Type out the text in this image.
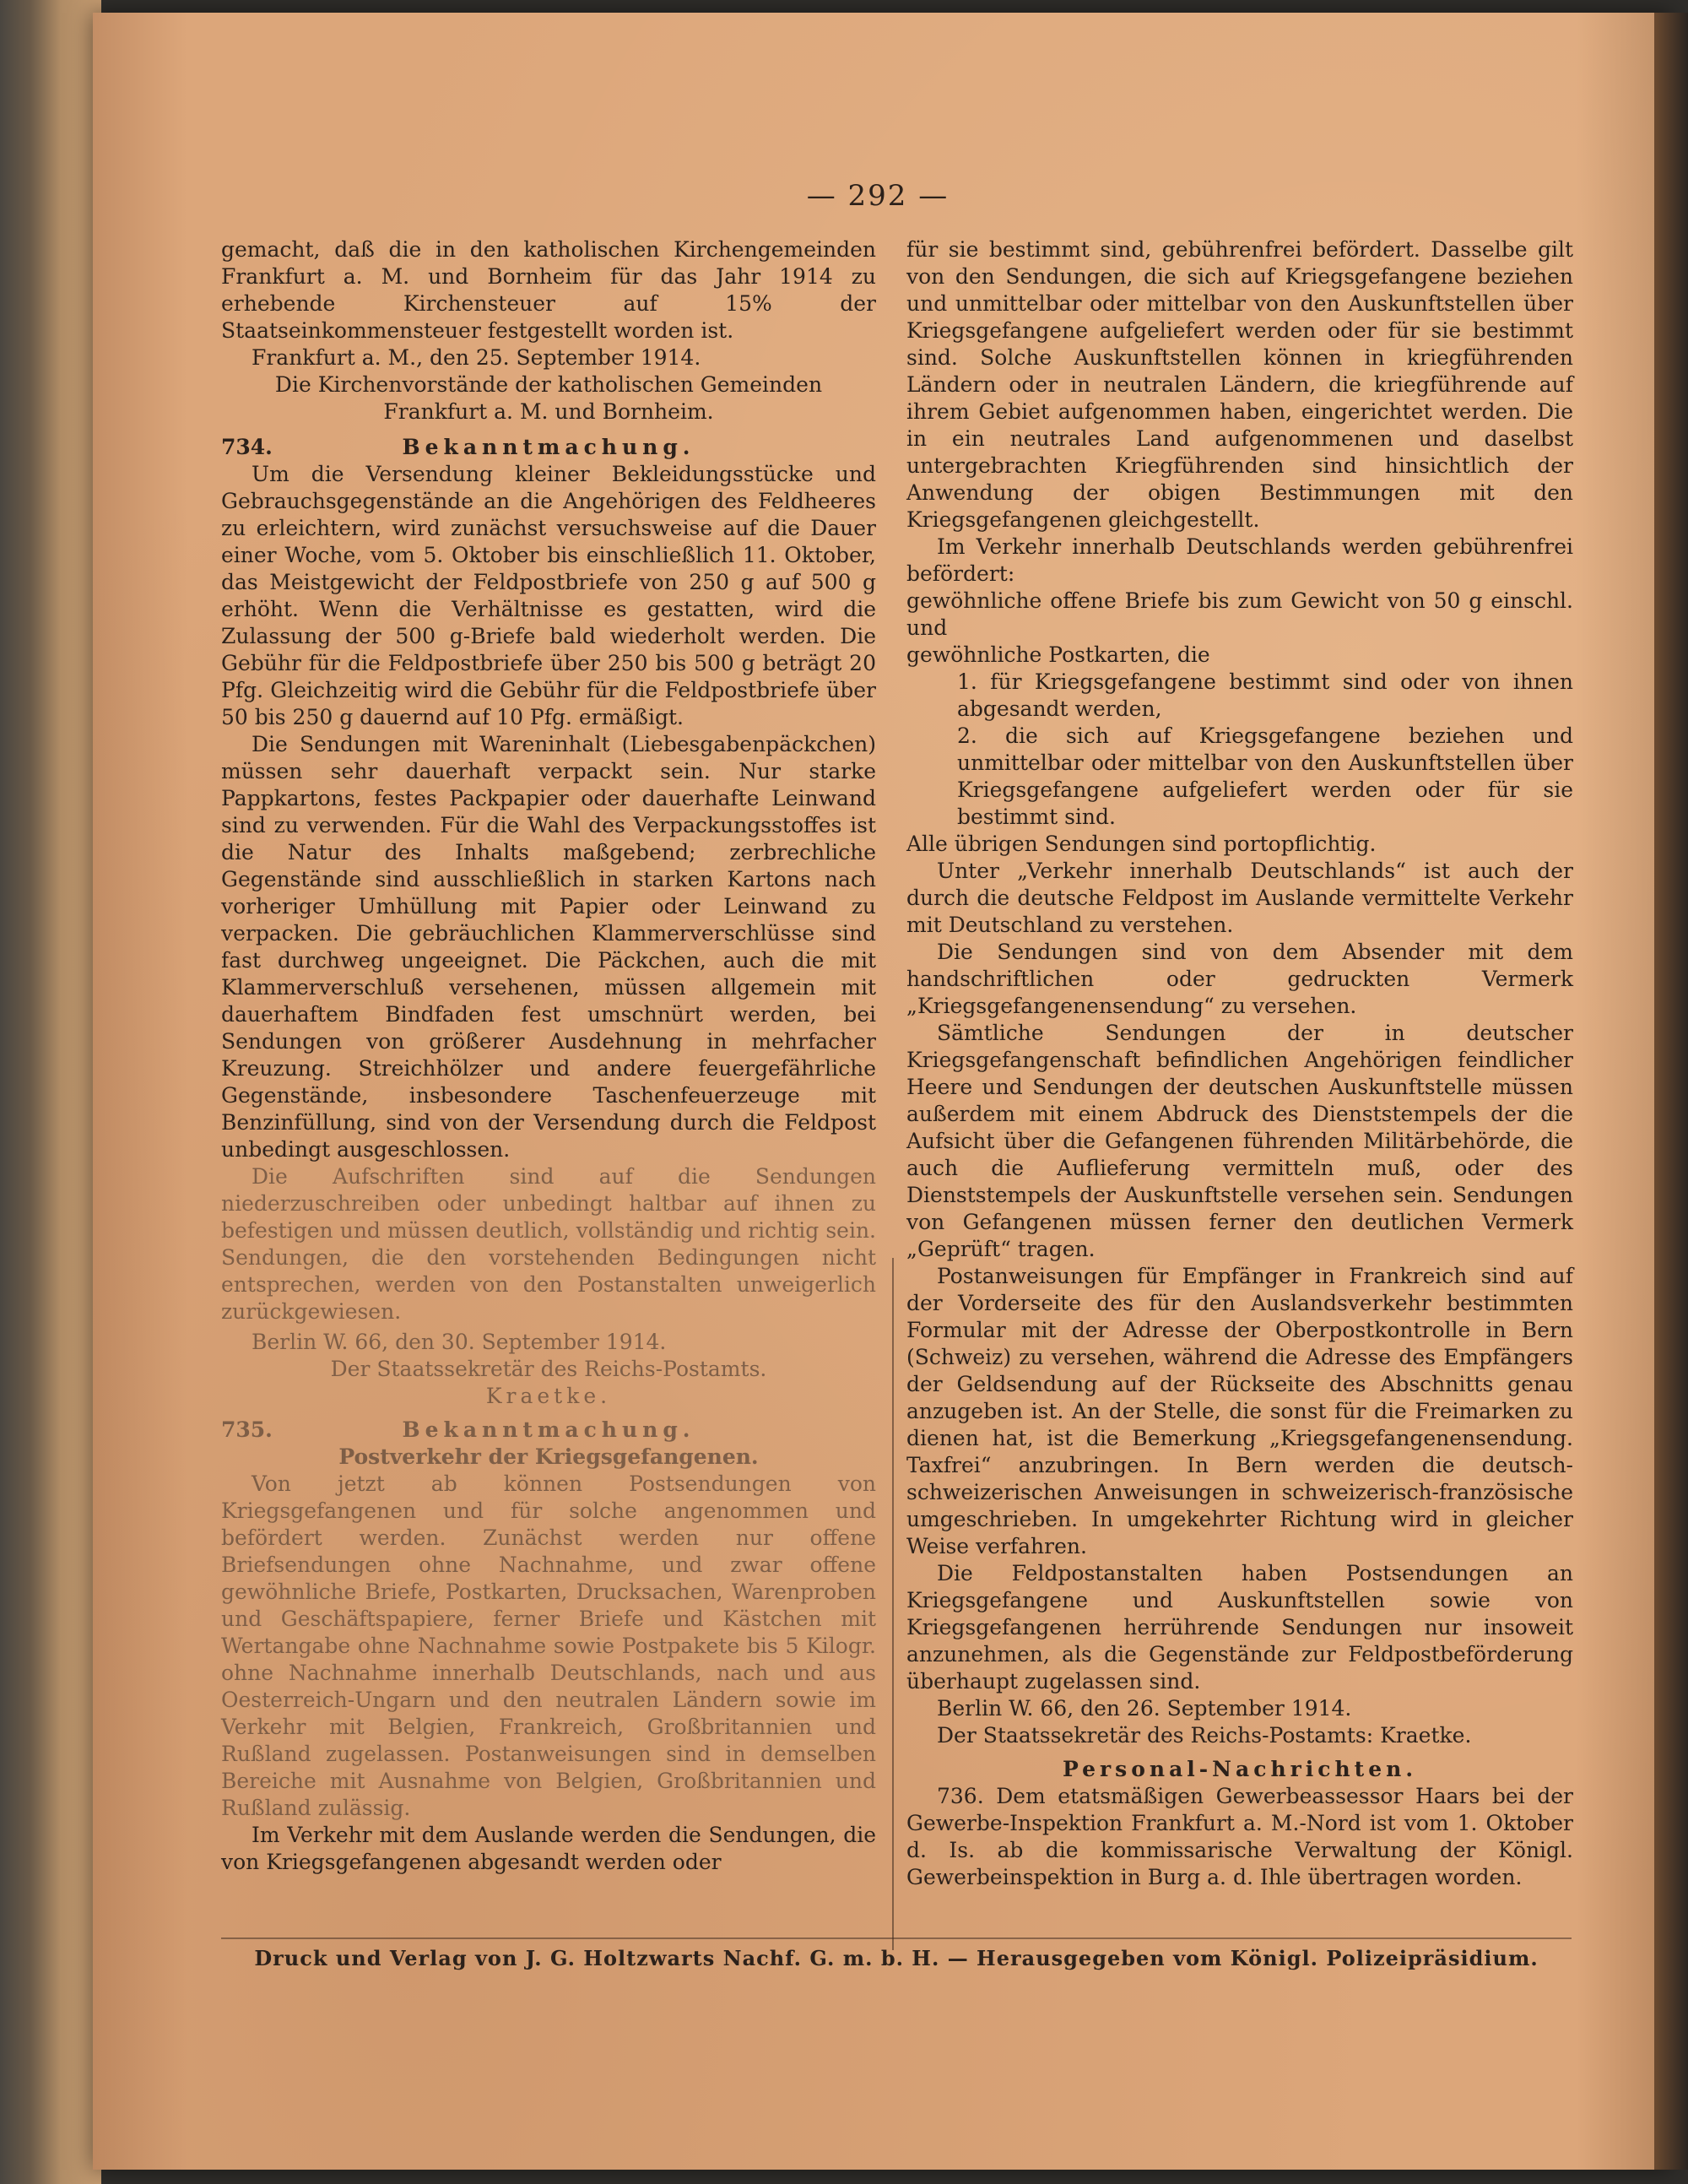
— 292 —

gemacht, daß die in den katholischen Kirchengemeinden Frankfurt a. M. und Bornheim für das Jahr 1914 zu erhebende Kirchensteuer auf 15% der Staatseinkommensteuer festgestellt worden ist.

Frankfurt a. M., den 25. September 1914.

Die Kirchenvorstände der katholischen Gemeinden

Frankfurt a. M. und Bornheim.

734.	Bekanntmachung.

Um die Versendung kleiner Bekleidungsstücke und Gebrauchsgegenstände an die Angehörigen des Feldheeres zu erleichtern, wird zunächst versuchsweise auf die Dauer einer Woche, vom 5. Oktober bis einschließlich 11. Oktober, das Meistgewicht der Feldpostbriefe von 250 g auf 500 g erhöht. Wenn die Verhältnisse es gestatten, wird die Zulassung der 500 g-Briefe bald wiederholt werden. Die Gebühr für die Feldpostbriefe über 250 bis 500 g beträgt 20 Pfg. Gleichzeitig wird die Gebühr für die Feldpostbriefe über 50 bis 250 g dauernd auf 10 Pfg. ermäßigt.

Die Sendungen mit Wareninhalt (Liebesgabenpäckchen) müssen sehr dauerhaft verpackt sein. Nur starke Pappkartons, festes Packpapier oder dauerhafte Leinwand sind zu verwenden. Für die Wahl des Verpackungsstoffes ist die Natur des Inhalts maßgebend; zerbrechliche Gegenstände sind ausschließlich in starken Kartons nach vorheriger Umhüllung mit Papier oder Leinwand zu verpacken. Die gebräuchlichen Klammerverschlüsse sind fast durchweg ungeeignet. Die Päckchen, auch die mit Klammerverschluß versehenen, müssen allgemein mit dauerhaftem Bindfaden fest umschnürt werden, bei Sendungen von größerer Ausdehnung in mehrfacher Kreuzung. Streichhölzer und andere feuergefährliche Gegenstände, insbesondere Taschenfeuerzeuge mit Benzinfüllung, sind von der Versendung durch die Feldpost unbedingt ausgeschlossen.

Die Aufschriften sind auf die Sendungen niederzuschreiben oder unbedingt haltbar auf ihnen zu befestigen und müssen deutlich, vollständig und richtig sein. Sendungen, die den vorstehenden Bedingungen nicht entsprechen, werden von den Postanstalten unweigerlich zurückgewiesen.

Berlin W. 66, den 30. September 1914.

Der Staatssekretär des Reichs-Postamts.

Kraetke.

735.	Bekanntmachung.

Postverkehr der Kriegsgefangenen.

Von jetzt ab können Postsendungen von Kriegsgefangenen und für solche angenommen und befördert werden. Zunächst werden nur offene Briefsendungen ohne Nachnahme, und zwar offene gewöhnliche Briefe, Postkarten, Drucksachen, Warenproben und Geschäftspapiere, ferner Briefe und Kästchen mit Wertangabe ohne Nachnahme sowie Postpakete bis 5 Kilogr. ohne Nachnahme innerhalb Deutschlands, nach und aus Oesterreich-Ungarn und den neutralen Ländern sowie im Verkehr mit Belgien, Frankreich, Großbritannien und Rußland zugelassen. Postanweisungen sind in demselben Bereiche mit Ausnahme von Belgien, Großbritannien und Rußland zulässig.

Im Verkehr mit dem Auslande werden die Sendungen, die von Kriegsgefangenen abgesandt werden oder

für sie bestimmt sind, gebührenfrei befördert. Dasselbe gilt von den Sendungen, die sich auf Kriegsgefangene beziehen und unmittelbar oder mittelbar von den Auskunftstellen über Kriegsgefangene aufgeliefert werden oder für sie bestimmt sind. Solche Auskunftstellen können in kriegführenden Ländern oder in neutralen Ländern, die kriegführende auf ihrem Gebiet aufgenommen haben, eingerichtet werden. Die in ein neutrales Land aufgenommenen und daselbst untergebrachten Kriegführenden sind hinsichtlich der Anwendung der obigen Bestimmungen mit den Kriegsgefangenen gleichgestellt.

Im Verkehr innerhalb Deutschlands werden gebührenfrei befördert:

gewöhnliche offene Briefe bis zum Gewicht von 50 g einschl. und

gewöhnliche Postkarten, die

1. für Kriegsgefangene bestimmt sind oder von ihnen abgesandt werden,

2. die sich auf Kriegsgefangene beziehen und unmittelbar oder mittelbar von den Auskunftstellen über Kriegsgefangene aufgeliefert werden oder für sie bestimmt sind.

Alle übrigen Sendungen sind portopflichtig.

Unter „Verkehr innerhalb Deutschlands“ ist auch der durch die deutsche Feldpost im Auslande vermittelte Verkehr mit Deutschland zu verstehen.

Die Sendungen sind von dem Absender mit dem handschriftlichen oder gedruckten Vermerk „Kriegsgefangenensendung“ zu versehen.

Sämtliche Sendungen der in deutscher Kriegsgefangenschaft befindlichen Angehörigen feindlicher Heere und Sendungen der deutschen Auskunftstelle müssen außerdem mit einem Abdruck des Dienststempels der die Aufsicht über die Gefangenen führenden Militärbehörde, die auch die Auflieferung vermitteln muß, oder des Dienststempels der Auskunftstelle versehen sein. Sendungen von Gefangenen müssen ferner den deutlichen Vermerk „Geprüft“ tragen.

Postanweisungen für Empfänger in Frankreich sind auf der Vorderseite des für den Auslandsverkehr bestimmten Formular mit der Adresse der Oberpostkontrolle in Bern (Schweiz) zu versehen, während die Adresse des Empfängers der Geldsendung auf der Rückseite des Abschnitts genau anzugeben ist. An der Stelle, die sonst für die Freimarken zu dienen hat, ist die Bemerkung „Kriegsgefangenensendung. Taxfrei“ anzubringen. In Bern werden die deutsch-schweizerischen Anweisungen in schweizerisch-französische umgeschrieben. In umgekehrter Richtung wird in gleicher Weise verfahren.

Die Feldpostanstalten haben Postsendungen an Kriegsgefangene und Auskunftstellen sowie von Kriegsgefangenen herrührende Sendungen nur insoweit anzunehmen, als die Gegenstände zur Feldpostbeförderung überhaupt zugelassen sind.

Berlin W. 66, den 26. September 1914.

Der Staatssekretär des Reichs-Postamts: Kraetke.

Personal-Nachrichten.

736. Dem etatsmäßigen Gewerbeassessor Haars bei der Gewerbe-Inspektion Frankfurt a. M.-Nord ist vom 1. Oktober d. Is. ab die kommissarische Verwaltung der Königl. Gewerbeinspektion in Burg a. d. Ihle übertragen worden.

Druck und Verlag von J. G. Holtzwarts Nachf. G. m. b. H. — Herausgegeben vom Königl. Polizeipräsidium.
